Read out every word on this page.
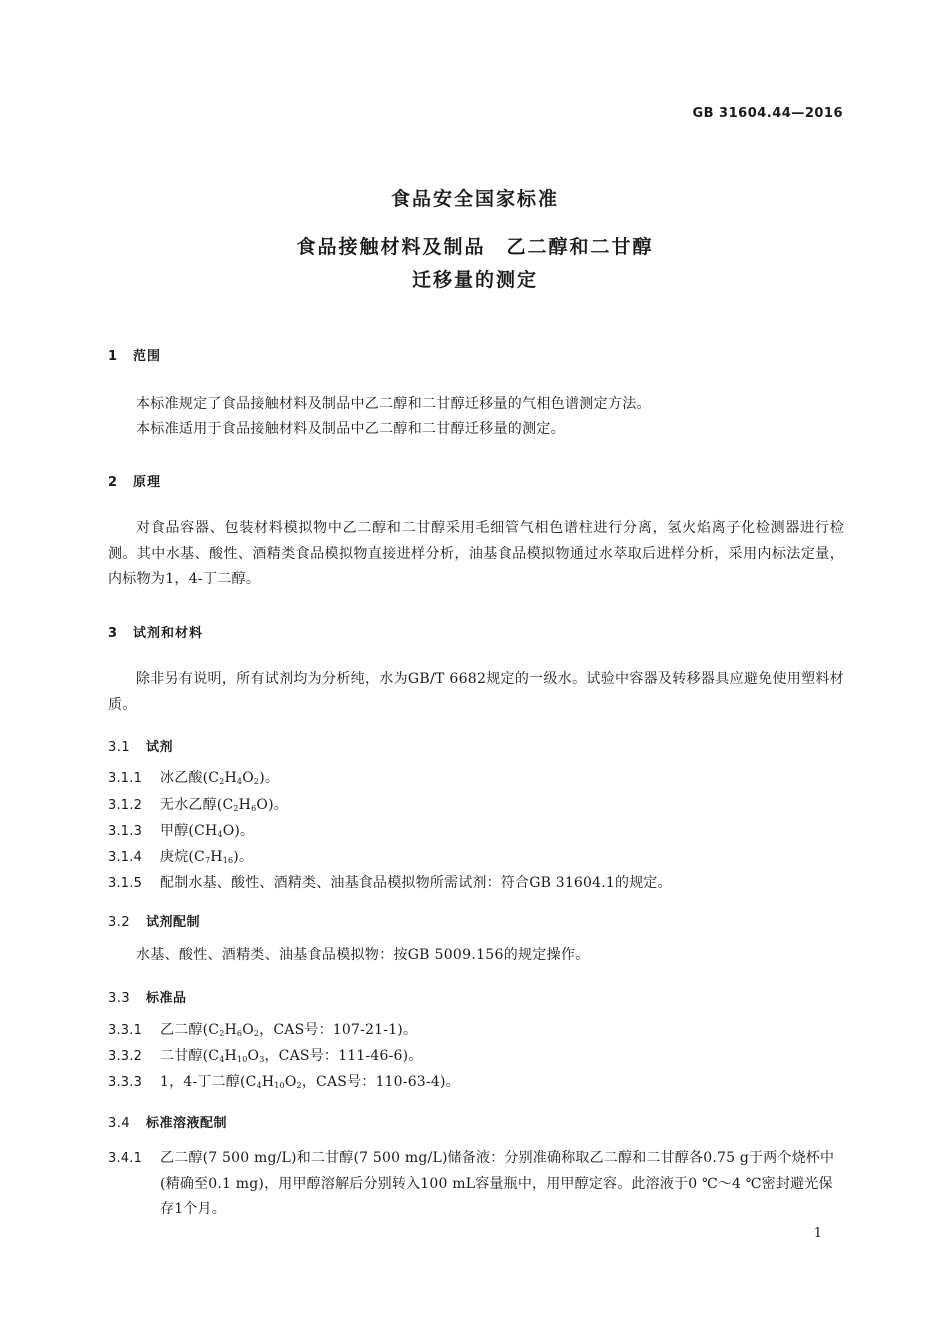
GB 31604.44—2016
食品安全国家标准
食品接触材料及制品　乙二醇和二甘醇
迁移量的测定
1 范围
本标准规定了食品接触材料及制品中乙二醇和二甘醇迁移量的气相色谱测定方法。
本标准适用于食品接触材料及制品中乙二醇和二甘醇迁移量的测定。
2 原理
对食品容器、包装材料模拟物中乙二醇和二甘醇采用毛细管气相色谱柱进行分离，氢火焰离子化检测器进行检测。其中水基、酸性、酒精类食品模拟物直接进样分析，油基食品模拟物通过水萃取后进样分析，采用内标法定量，内标物为1，4-丁二醇。
3 试剂和材料
除非另有说明，所有试剂均为分析纯，水为GB/T 6682规定的一级水。试验中容器及转移器具应避免使用塑料材质。
3.1 试剂
3.1.1 冰乙酸$(C_2H_4O_2)$。
3.1.2 无水乙醇$(C_2H_6O)$。
3.1.3 甲醇$(CH_4O)$。
3.1.4 庚烷$(C_7H_{16})$。
3.1.5 配制水基、酸性、酒精类、油基食品模拟物所需试剂：符合GB 31604.1的规定。
3.2 试剂配制
水基、酸性、酒精类、油基食品模拟物：按GB 5009.156的规定操作。
3.3 标准品
3.3.1 乙二醇($C_2H_6O_2$，CAS号：107-21-1)。
3.3.2 二甘醇($C_4H_{10}O_3$，CAS号：111-46-6)。
3.3.3 1，4-丁二醇($C_4H_{10}O_2$，CAS号：110-63-4)。
3.4 标准溶液配制
3.4.1 乙二醇(7 500 mg/L)和二甘醇(7 500 mg/L)储备液：分别准确称取乙二醇和二甘醇各0.75 g于两个烧杯中(精确至0.1 mg)，用甲醇溶解后分别转入100 mL容量瓶中，用甲醇定容。此溶液于0 ℃～4 ℃密封避光保存1个月。
1
